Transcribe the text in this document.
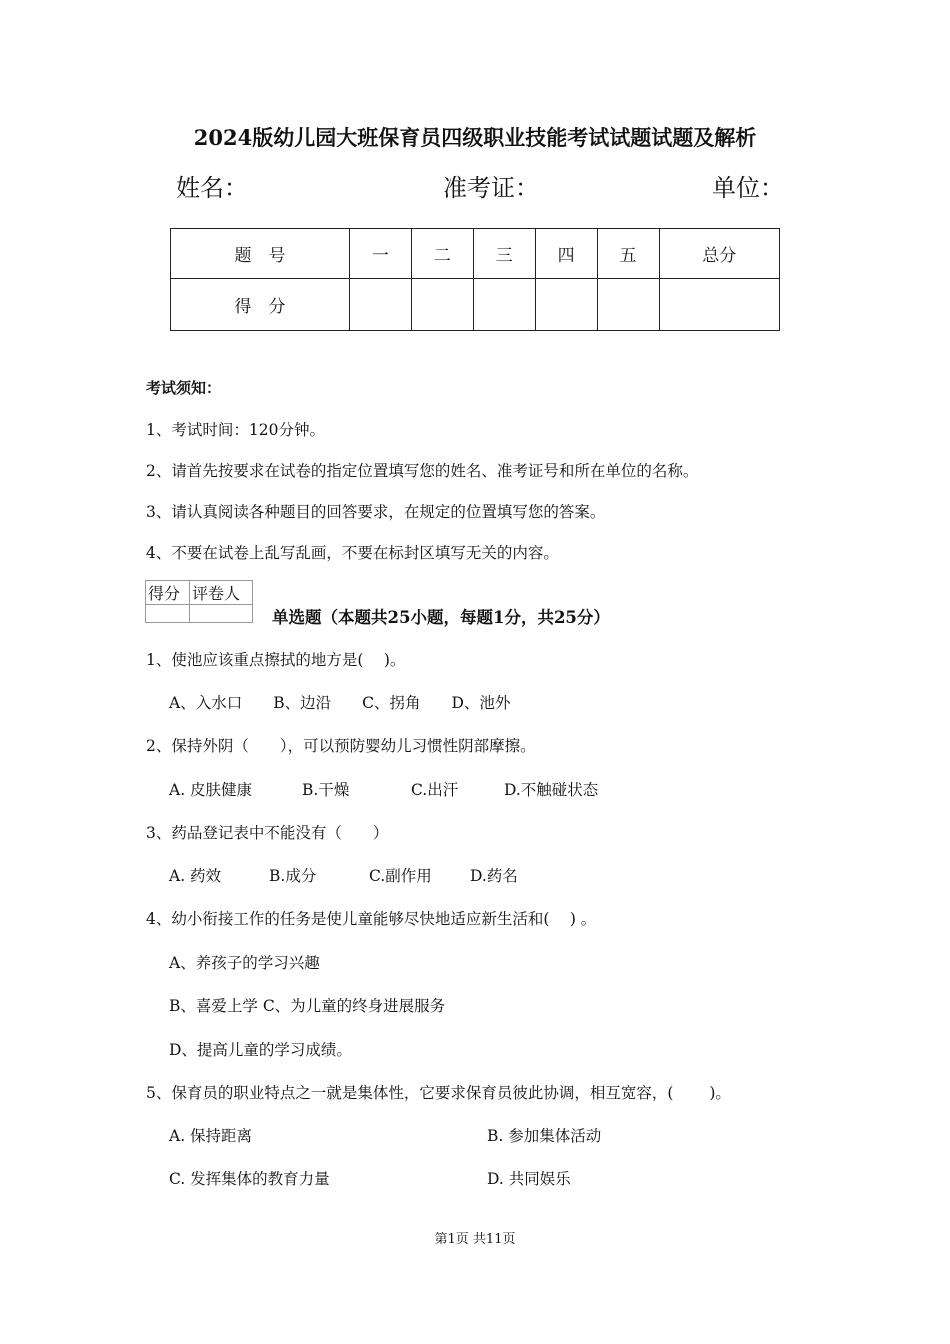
2024版幼儿园大班保育员四级职业技能考试试题试题及解析
姓名：	准考证：	单位：
题　号	一	二	三	四	五	总分
得　分						
考试须知：
1、考试时间：120分钟。
2、请首先按要求在试卷的指定位置填写您的姓名、准考证号和所在单位的名称。
3、请认真阅读各种题目的回答要求，在规定的位置填写您的答案。
4、不要在试卷上乱写乱画，不要在标封区填写无关的内容。
得分	评卷人

单选题（本题共25小题，每题1分，共25分）
1、使池应该重点擦拭的地方是(　 )。
A、入水口　　B、边沿　　C、拐角　　D、池外
2、保持外阴（　　），可以预防婴幼儿习惯性阴部摩擦。
A. 皮肤健康	B.干燥	C.出汗	D.不触碰状态
3、药品登记表中不能没有（　　）
A. 药效	B.成分	C.副作用 D.药名
4、幼小衔接工作的任务是使儿童能够尽快地适应新生活和(　 ) 。
A、养孩子的学习兴趣
B、喜爱上学 C、为儿童的终身进展服务
D、提高儿童的学习成绩。
5、保育员的职业特点之一就是集体性，它要求保育员彼此协调，相互宽容，(　　 )。
A. 保持距离	B. 参加集体活动
C. 发挥集体的教育力量	D. 共同娱乐
第1页 共11页
